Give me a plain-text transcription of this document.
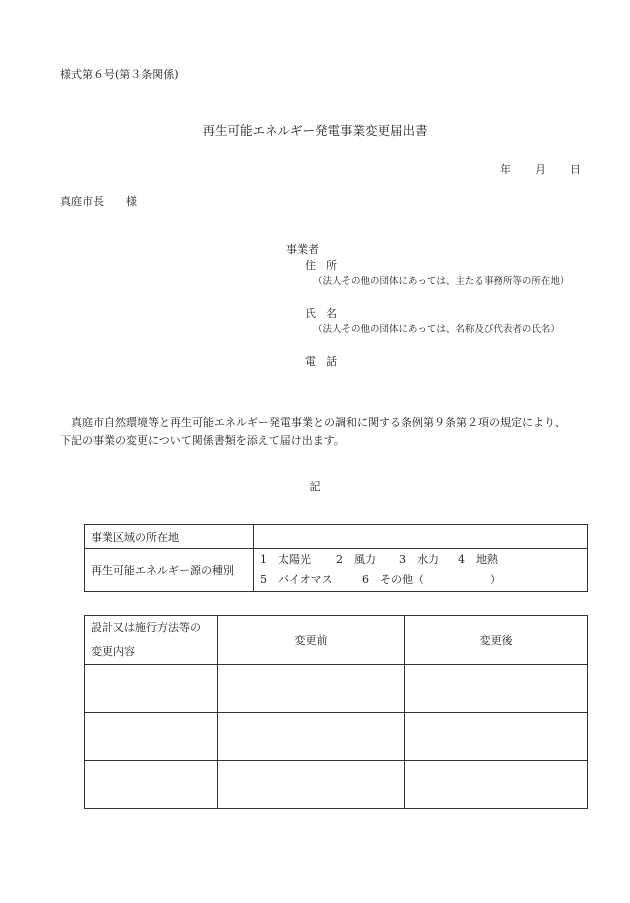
様式第６号(第３条関係)
再生可能エネルギー発電事業変更届出書
年 月 日
真庭市長　　様
事業者
住所
（法人その他の団体にあっては、主たる事務所等の所在地）
氏名
（法人その他の団体にあっては、名称及び代表者の氏名）
電話

　真庭市自然環境等と再生可能エネルギー発電事業との調和に関する条例第９条第２項の規定により、

下記の事業の変更について関係書類を添えて届け出ます。

記
事業区域の所在地	
再生可能エネルギー源の種別	1　太陽光 2　風力 3　水力 4　地熱
5　バイオマス 6　その他（ ）
設計又は施行方法等の
変更内容	変更前	変更後
